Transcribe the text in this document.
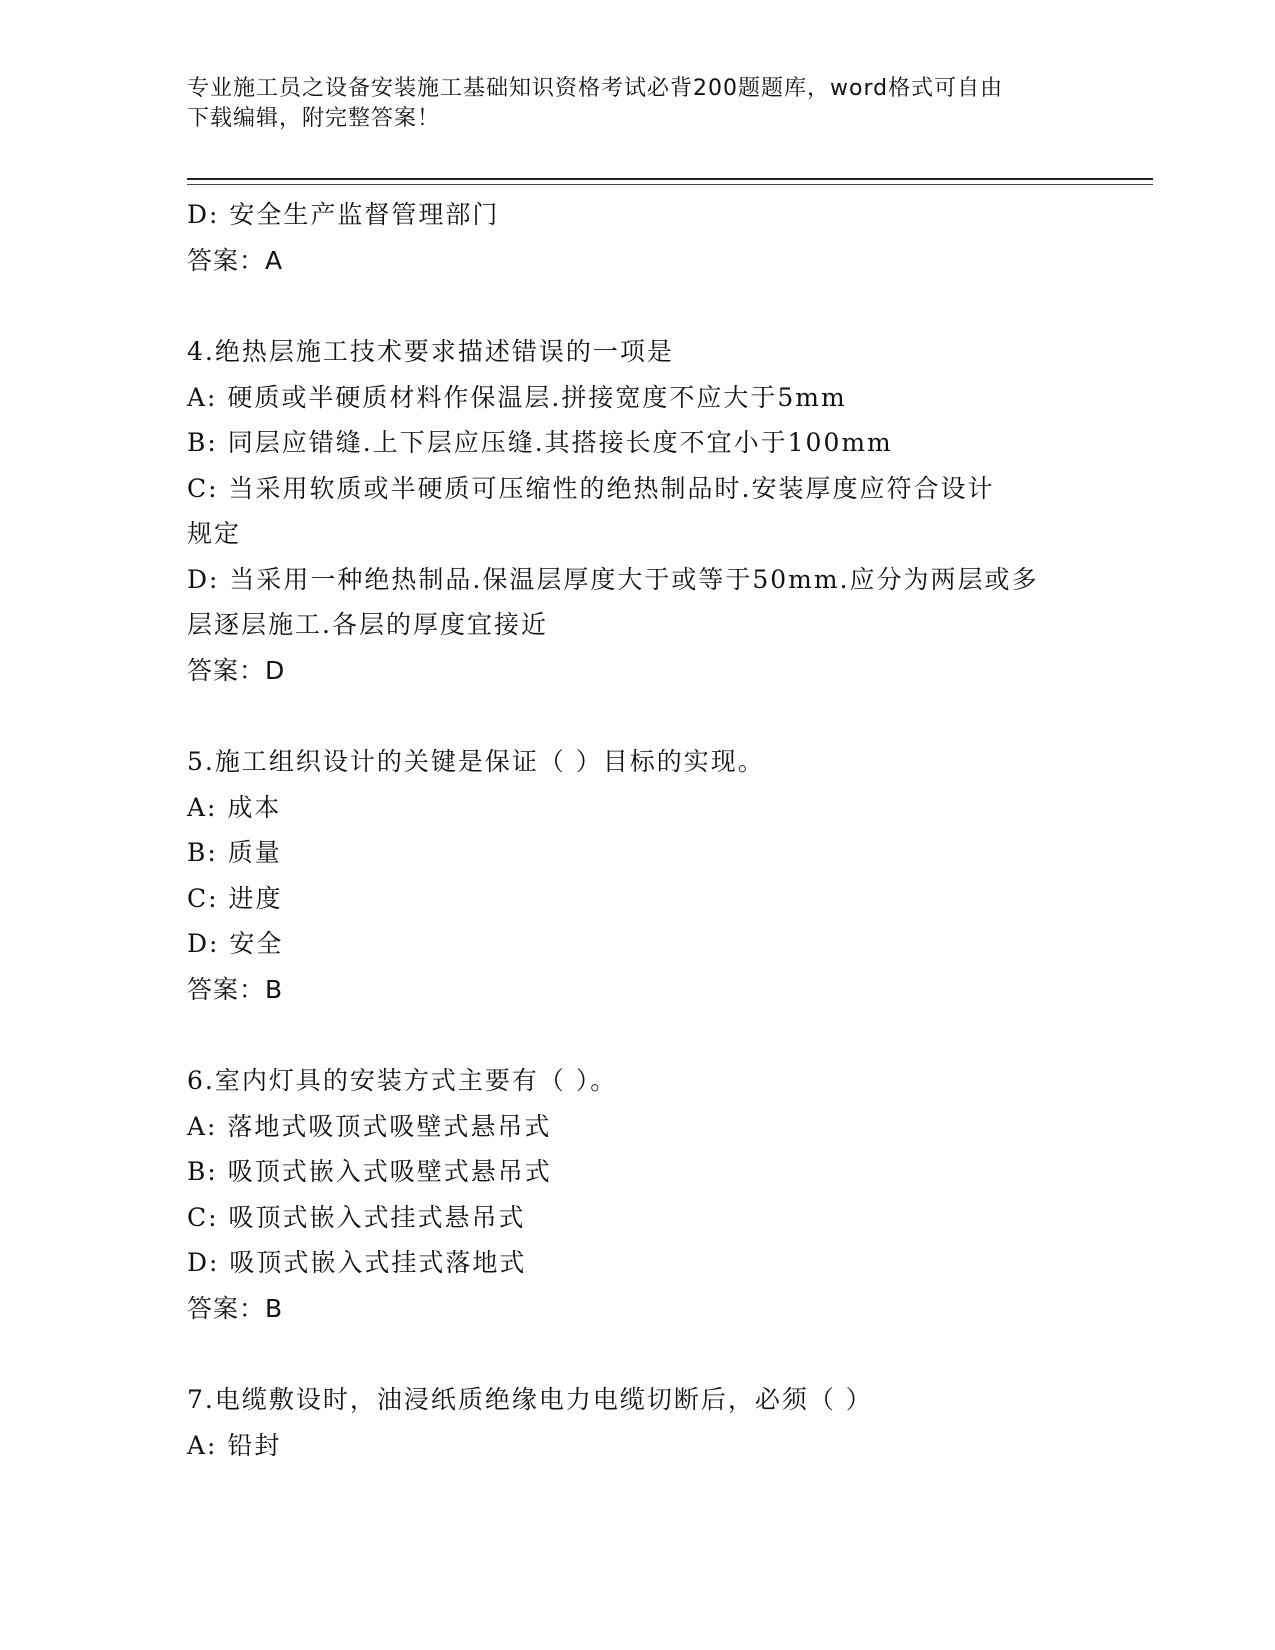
专业施工员之设备安装施工基础知识资格考试必背200题题库，word格式可自由
下载编辑，附完整答案！
D: 安全生产监督管理部门
答案：A
4.绝热层施工技术要求描述错误的一项是
A: 硬质或半硬质材料作保温层.拼接宽度不应大于5mm
B: 同层应错缝.上下层应压缝.其搭接长度不宜小于100mm
C: 当采用软质或半硬质可压缩性的绝热制品时.安装厚度应符合设计
规定
D: 当采用一种绝热制品.保温层厚度大于或等于50mm.应分为两层或多
层逐层施工.各层的厚度宜接近
答案：D
5.施工组织设计的关键是保证（ ）目标的实现。
A: 成本
B: 质量
C: 进度
D: 安全
答案：B
6.室内灯具的安装方式主要有（ ）。
A: 落地式吸顶式吸壁式悬吊式
B: 吸顶式嵌入式吸壁式悬吊式
C: 吸顶式嵌入式挂式悬吊式
D: 吸顶式嵌入式挂式落地式
答案：B
7.电缆敷设时，油浸纸质绝缘电力电缆切断后，必须（ ）
A: 铅封
